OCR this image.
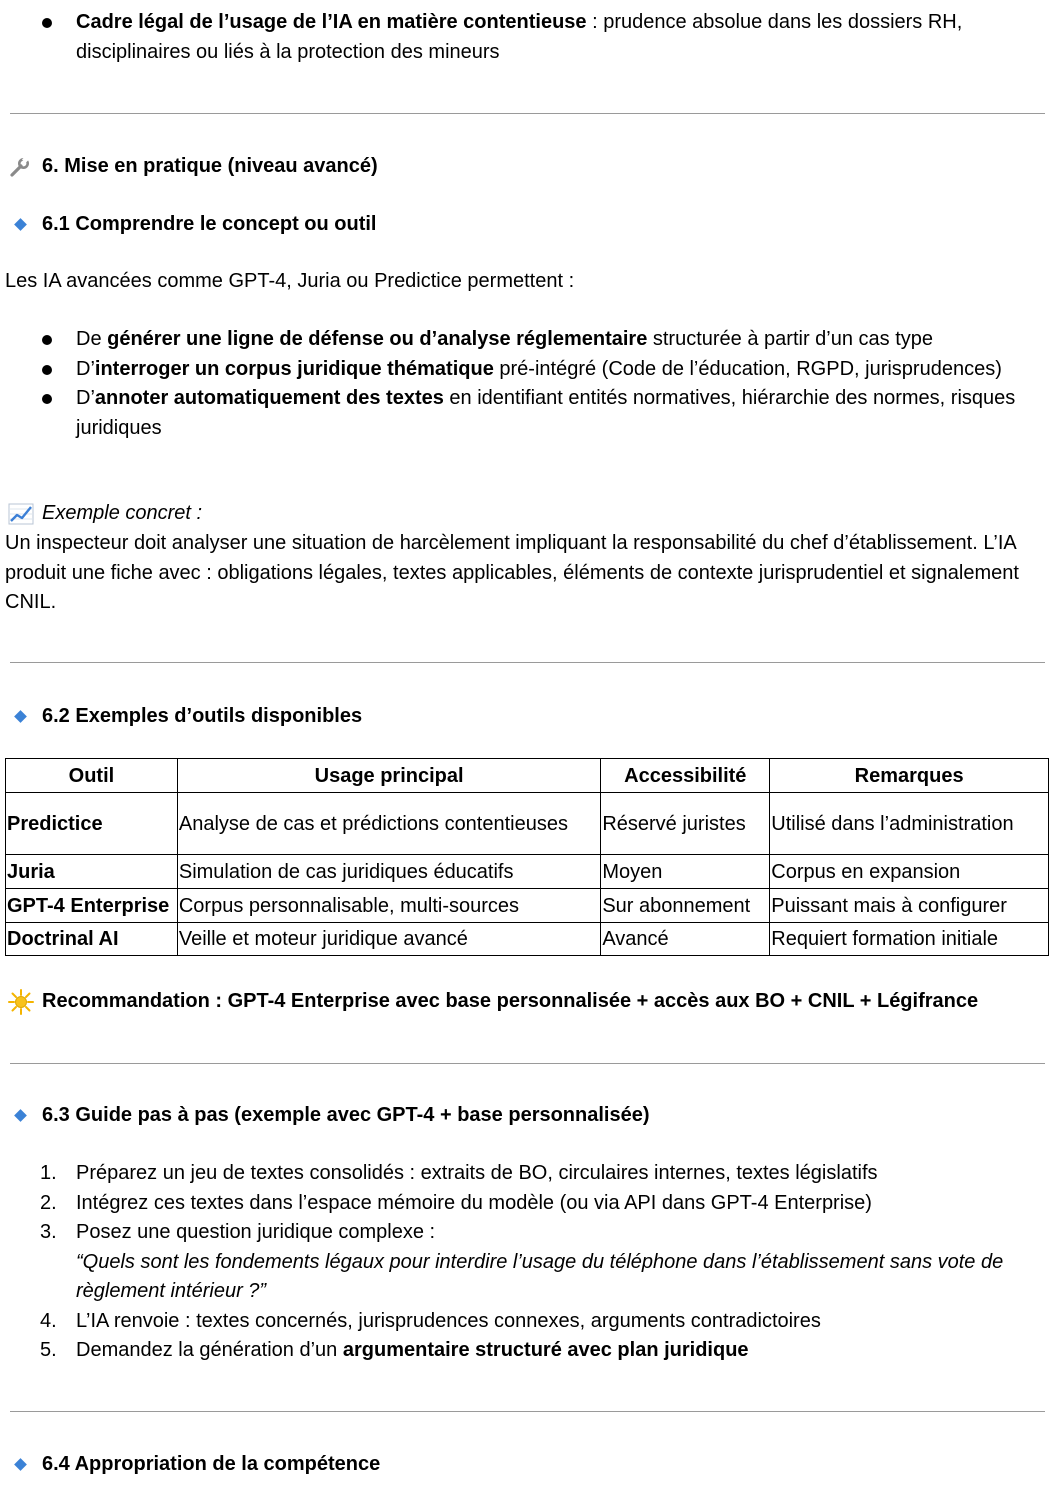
Cadre légal de l’usage de l’IA en matière contentieuse : prudence absolue dans les dossiers RH, disciplinaires ou liés à la protection des mineurs
6. Mise en pratique (niveau avancé)
6.1 Comprendre le concept ou outil
Les IA avancées comme GPT-4, Juria ou Predictice permettent :
De générer une ligne de défense ou d’analyse réglementaire structurée à partir d’un cas type
D’interroger un corpus juridique thématique pré-intégré (Code de l’éducation, RGPD, jurisprudences)
D’annoter automatiquement des textes en identifiant entités normatives, hiérarchie des normes, risques juridiques
Exemple concret :
Un inspecteur doit analyser une situation de harcèlement impliquant la responsabilité du chef d’établissement. L’IA produit une fiche avec : obligations légales, textes applicables, éléments de contexte jurisprudentiel et signalement CNIL.
6.2 Exemples d’outils disponibles
Outil	Usage principal	Accessibilité	Remarques
Predictice	Analyse de cas et prédictions contentieuses	Réservé juristes	Utilisé dans l’administration
Juria	Simulation de cas juridiques éducatifs	Moyen	Corpus en expansion
GPT-4 Enterprise	Corpus personnalisable, multi-sources	Sur abonnement	Puissant mais à configurer
Doctrinal AI	Veille et moteur juridique avancé	Avancé	Requiert formation initiale
Recommandation : GPT-4 Enterprise avec base personnalisée + accès aux BO + CNIL + Légifrance
6.3 Guide pas à pas (exemple avec GPT-4 + base personnalisée)
1. Préparez un jeu de textes consolidés : extraits de BO, circulaires internes, textes législatifs
2. Intégrez ces textes dans l’espace mémoire du modèle (ou via API dans GPT-4 Enterprise)
3. Posez une question juridique complexe :
“Quels sont les fondements légaux pour interdire l’usage du téléphone dans l’établissement sans vote de règlement intérieur ?”
4. L’IA renvoie : textes concernés, jurisprudences connexes, arguments contradictoires
5. Demandez la génération d’un argumentaire structuré avec plan juridique
6.4 Appropriation de la compétence
